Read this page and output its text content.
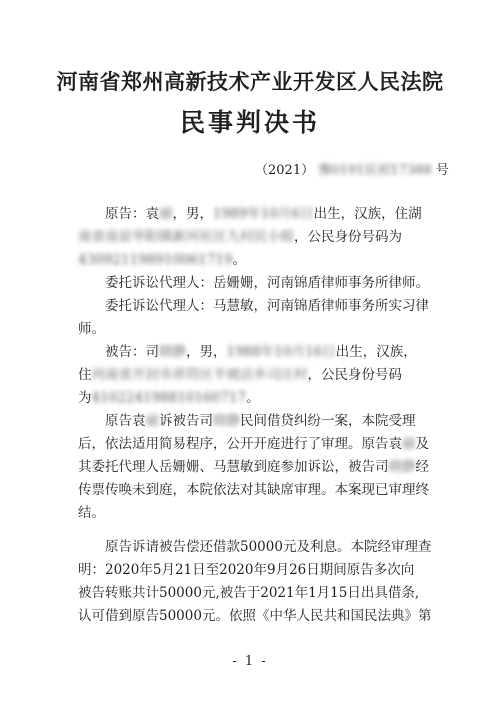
河南省郑州高新技术产业开发区人民法院
民事判决书
（2021） 豫0191民初17388 号
原告：袁丽，男，1989年10月6日出生，汉族，住湖
南省南县华阳镇新河社区九村民小组，公民身份号码为
430921198910061719。
委托诉讼代理人：岳姗姗，河南锦盾律师事务所律师。
委托诉讼代理人：马慧敏，河南锦盾律师事务所实习律
师。
被告：司晓静，男，1988年10月16日出生，汉族，
住河南省开封市祥符区半坡店乡司庄村，公民身份号码
为410224198810160717。
原告袁丽诉被告司晓静民间借贷纠纷一案，本院受理
后，依法适用简易程序，公开开庭进行了审理。原告袁丽及
其委托代理人岳姗姗、马慧敏到庭参加诉讼，被告司晓静经
传票传唤未到庭，本院依法对其缺席审理。本案现已审理终
结。
原告诉请被告偿还借款50000元及利息。本院经审理查
明：2020年5月21日至2020年9月26日期间原告多次向
被告转账共计50000元,被告于2021年1月15日出具借条,
认可借到原告50000元。依照《中华人民共和国民法典》第
- 1 -
